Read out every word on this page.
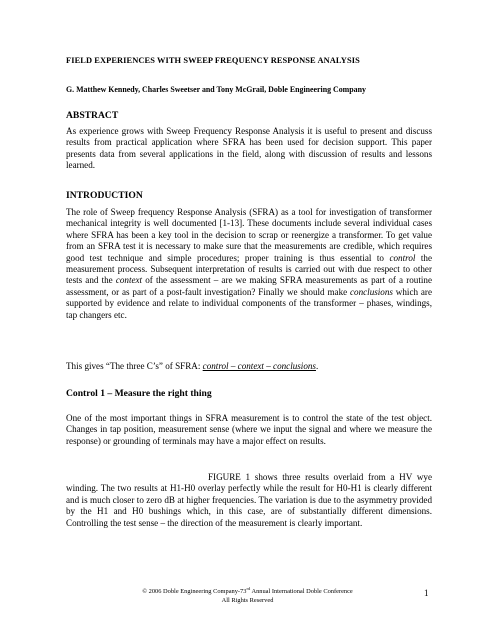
FIELD EXPERIENCES WITH SWEEP FREQUENCY RESPONSE ANALYSIS
G. Matthew Kennedy, Charles Sweetser and Tony McGrail, Doble Engineering Company
ABSTRACT
As experience grows with Sweep Frequency Response Analysis it is useful to present and discuss results from practical application where SFRA has been used for decision support. This paper presents data from several applications in the field, along with discussion of results and lessons learned.
INTRODUCTION
The role of Sweep frequency Response Analysis (SFRA) as a tool for investigation of transformer mechanical integrity is well documented [1-13]. These documents include several individual cases where SFRA has been a key tool in the decision to scrap or reenergize a transformer. To get value from an SFRA test it is necessary to make sure that the measurements are credible, which requires good test technique and simple procedures; proper training is thus essential to control the measurement process. Subsequent interpretation of results is carried out with due respect to other tests and the context of the assessment – are we making SFRA measurements as part of a routine assessment, or as part of a post-fault investigation? Finally we should make conclusions which are supported by evidence and relate to individual components of the transformer – phases, windings, tap changers etc.
This gives “The three C’s” of SFRA: control – context – conclusions.
Control 1 – Measure the right thing
One of the most important things in SFRA measurement is to control the state of the test object. Changes in tap position, measurement sense (where we input the signal and where we measure the response) or grounding of terminals may have a major effect on results.
FIGURE 1 shows three results overlaid from a HV wye winding. The two results at H1-H0 overlay perfectly while the result for H0-H1 is clearly different and is much closer to zero dB at higher frequencies. The variation is due to the asymmetry provided by the H1 and H0 bushings which, in this case, are of substantially different dimensions. Controlling the test sense – the direction of the measurement is clearly important.
© 2006 Doble Engineering Company-73rd Annual International Doble Conference
All Rights Reserved
1
